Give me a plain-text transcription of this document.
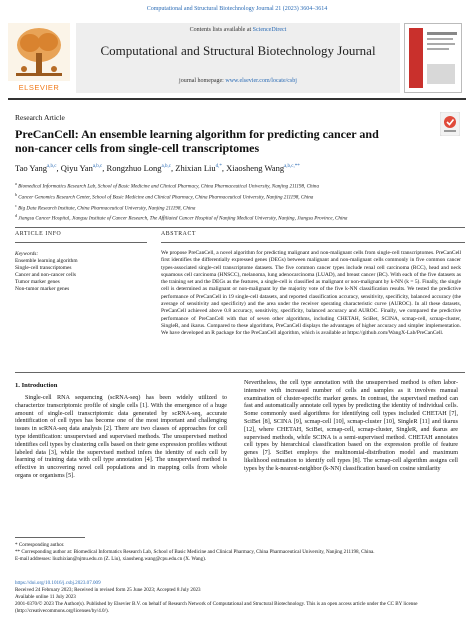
Computational and Structural Biotechnology Journal 21 (2023) 3604–3614
ELSEVIER
Contents lists available at ScienceDirect
Computational and Structural Biotechnology Journal
journal homepage: www.elsevier.com/locate/csbj
Research Article
PreCanCell: An ensemble learning algorithm for predicting cancer and non-cancer cells from single-cell transcriptomes
Tao Yang$^{a,b,c}$, Qiyu Yan$^{a,b,c}$, Rongzhuo Long$^{a,b,c}$, Zhixian Liu$^{d,*}$, Xiaosheng Wang$^{a,b,c,**}$
$^a$ Biomedical Informatics Research Lab, School of Basic Medicine and Clinical Pharmacy, China Pharmaceutical University, Nanjing 211198, China
$^b$ Cancer Genomics Research Center, School of Basic Medicine and Clinical Pharmacy, China Pharmaceutical University, Nanjing 211198, China
$^c$ Big Data Research Institute, China Pharmaceutical University, Nanjing 211198, China
$^d$ Jiangsu Cancer Hospital, Jiangsu Institute of Cancer Research, The Affiliated Cancer Hospital of Nanjing Medical University, Nanjing, Jiangsu Province, China
ARTICLE INFO	ABSTRACT
Keywords:
Ensemble learning algorithm
Single-cell transcriptomes
Cancer and non-cancer cells
Tumor marker genes
Non-tumor marker genes
We propose PreCanCell, a novel algorithm for predicting malignant and non-malignant cells from single-cell transcriptomes. PreCanCell first identifies the differentially expressed genes (DEGs) between malignant and non-malignant cells commonly in five common cancer types-associated single-cell transcriptome datasets. The five common cancer types include renal cell carcinoma (RCC), head and neck squamous cell carcinoma (HNSCC), melanoma, lung adenocarcinoma (LUAD), and breast cancer (BC). With each of the five datasets as the training set and the DEGs as the features, a single-cell is classified as malignant or non-malignant by k-NN (k = 5). Finally, the single cell is determined as malignant or non-malignant by the majority vote of the five k-NN classification results. We tested the predictive performance of PreCanCell in 19 single-cell datasets, and reported classification accuracy, sensitivity, specificity, balanced accuracy (the average of sensitivity and specificity) and the area under the receiver operating characteristic curve (AUROC). In all these datasets, PreCanCell achieved above 0.8 accuracy, sensitivity, specificity, balanced accuracy and AUROC. Finally, we compared the predictive performance of PreCanCell with that of seven other algorithms, including CHETAH, SciBet, SCINA, scmap-cell, scmap-cluster, SingleR, and ikarus. Compared to these algorithms, PreCanCell displays the advantages of higher accuracy and simpler implementation. We have developed an R package for the PreCanCell algorithm, which is available at https://github.com/WangX-Lab/PreCanCell.
1. Introduction
Single-cell RNA sequencing (scRNA-seq) has been widely utilized to characterize transcriptomic profile of single cells [1]. With the emergence of a huge amount of single-cell transcriptomic data generated by scRNA-seq, accurate identification of cell types has become one of the most important and challenging issues in scRNA-seq data analysis [2]. There are two classes of approaches for cell type identification: unsupervised and supervised methods. The unsupervised method identifies cell types by clustering cells based on their gene expression profiles without labeled data [3], while the supervised method infers the identity of each cell by learning of training data with cell type annotation [4]. The unsupervised method is effective in uncovering novel cell populations and in mapping cells from whole organs or organisms [5].
Nevertheless, the cell type annotation with the unsupervised method is often labor-intensive with increased number of cells and samples as it involves manual examination of cluster-specific marker genes. In contrast, the supervised method can fast and automatically annotate cell types by predicting the identity of individual cells. Some commonly used algorithms for identifying cell types included CHETAH [7], SciBet [8], SCINA [9], scmap-cell [10], scmap-cluster [10], SingleR [11] and ikarus [12], where CHETAH, SciBet, scmap-cell, scmap-cluster, SingleR, and ikarus are supervised methods, while SCINA is a semi-supervised method. CHETAH annotates cell types by hierarchical classification based on the expression profile of feature genes [7]. SciBet employs the multinomial-distribution model and maximum likelihood estimation to identify cell types [8]. The scmap-cell algorithm assigns cell types by the k-nearest-neighbor (k-NN) classification based on cosine similarity
* Corresponding author.
** Corresponding author at: Biomedical Informatics Research Lab, School of Basic Medicine and Clinical Pharmacy, China Pharmaceutical University, Nanjing 211198, China.
E-mail addresses: liuzhixian@njmu.edu.cn (Z. Liu), xiaosheng.wang@cpu.edu.cn (X. Wang).
https://doi.org/10.1016/j.csbj.2023.07.009
Received 24 February 2023; Received in revised form 25 June 2023; Accepted 8 July 2023
Available online 11 July 2023
2001-0370/© 2023 The Author(s). Published by Elsevier B.V. on behalf of Research Network of Computational and Structural Biotechnology. This is an open access article under the CC BY license (http://creativecommons.org/licenses/by/4.0/).
